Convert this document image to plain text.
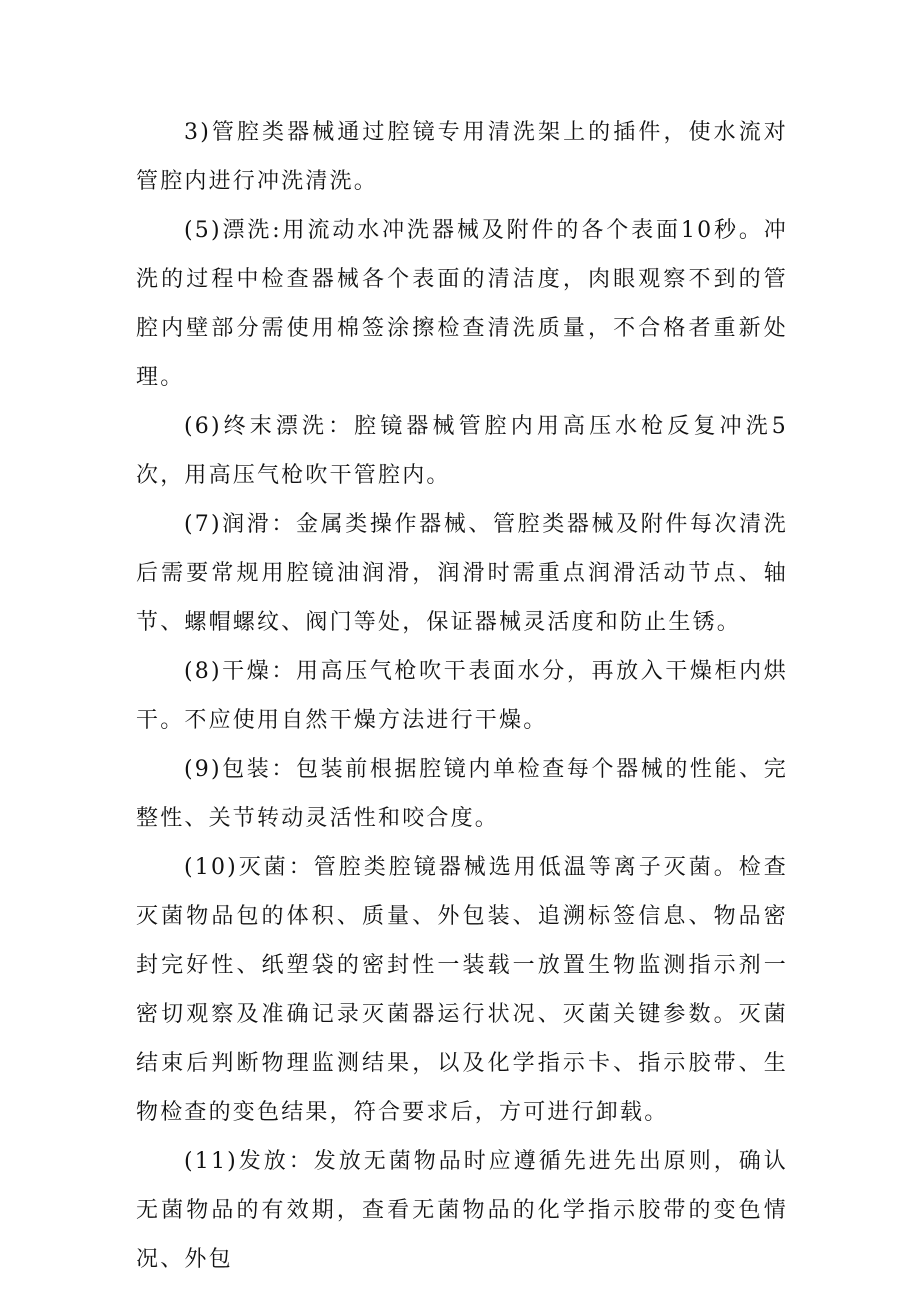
3)管腔类器械通过腔镜专用清洗架上的插件，使水流对管腔内进行冲洗清洗。

(5)漂洗:用流动水冲洗器械及附件的各个表面10秒。冲洗的过程中检查器械各个表面的清洁度，肉眼观察不到的管腔内壁部分需使用棉签涂擦检查清洗质量，不合格者重新处理。

(6)终末漂洗：腔镜器械管腔内用高压水枪反复冲洗5次，用高压气枪吹干管腔内。

(7)润滑：金属类操作器械、管腔类器械及附件每次清洗后需要常规用腔镜油润滑，润滑时需重点润滑活动节点、轴节、螺帽螺纹、阀门等处，保证器械灵活度和防止生锈。

(8)干燥：用高压气枪吹干表面水分，再放入干燥柜内烘干。不应使用自然干燥方法进行干燥。

(9)包装：包装前根据腔镜内单检查每个器械的性能、完整性、关节转动灵活性和咬合度。

(10)灭菌：管腔类腔镜器械选用低温等离子灭菌。检查灭菌物品包的体积、质量、外包装、追溯标签信息、物品密封完好性、纸塑袋的密封性一装载一放置生物监测指示剂一密切观察及准确记录灭菌器运行状况、灭菌关键参数。灭菌结束后判断物理监测结果，以及化学指示卡、指示胶带、生物检查的变色结果，符合要求后，方可进行卸载。

(11)发放：发放无菌物品时应遵循先进先出原则，确认无菌物品的有效期，查看无菌物品的化学指示胶带的变色情况、外包
